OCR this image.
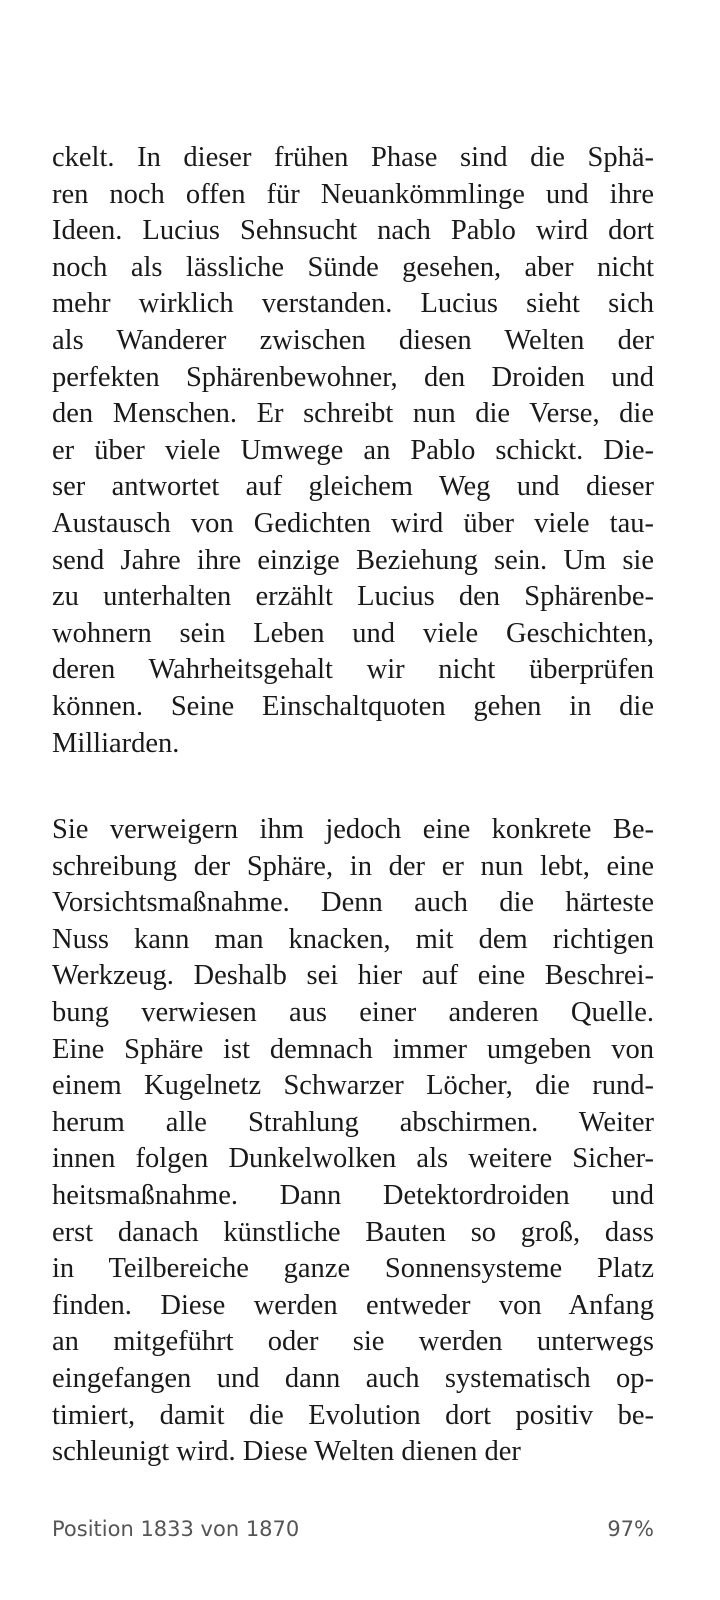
ckelt. In dieser frühen Phase sind die Sphä-
ren noch offen für Neuankömmlinge und ihre
Ideen. Lucius Sehnsucht nach Pablo wird dort
noch als lässliche Sünde gesehen, aber nicht
mehr wirklich verstanden. Lucius sieht sich
als Wanderer zwischen diesen Welten der
perfekten Sphärenbewohner, den Droiden und
den Menschen. Er schreibt nun die Verse, die
er über viele Umwege an Pablo schickt. Die-
ser antwortet auf gleichem Weg und dieser
Austausch von Gedichten wird über viele tau-
send Jahre ihre einzige Beziehung sein. Um sie
zu unterhalten erzählt Lucius den Sphärenbe-
wohnern sein Leben und viele Geschichten,
deren Wahrheitsgehalt wir nicht überprüfen
können. Seine Einschaltquoten gehen in die
Milliarden.

Sie verweigern ihm jedoch eine konkrete Be-
schreibung der Sphäre, in der er nun lebt, eine
Vorsichtsmaßnahme. Denn auch die härteste
Nuss kann man knacken, mit dem richtigen
Werkzeug. Deshalb sei hier auf eine Beschrei-
bung verwiesen aus einer anderen Quelle.
Eine Sphäre ist demnach immer umgeben von
einem Kugelnetz Schwarzer Löcher, die rund-
herum alle Strahlung abschirmen. Weiter
innen folgen Dunkelwolken als weitere Sicher-
heitsmaßnahme. Dann Detektordroiden und
erst danach künstliche Bauten so groß, dass
in Teilbereiche ganze Sonnensysteme Platz
finden. Diese werden entweder von Anfang
an mitgeführt oder sie werden unterwegs
eingefangen und dann auch systematisch op-
timiert, damit die Evolution dort positiv be-
schleunigt wird. Diese Welten dienen der

Position 1833 von 1870	97%
